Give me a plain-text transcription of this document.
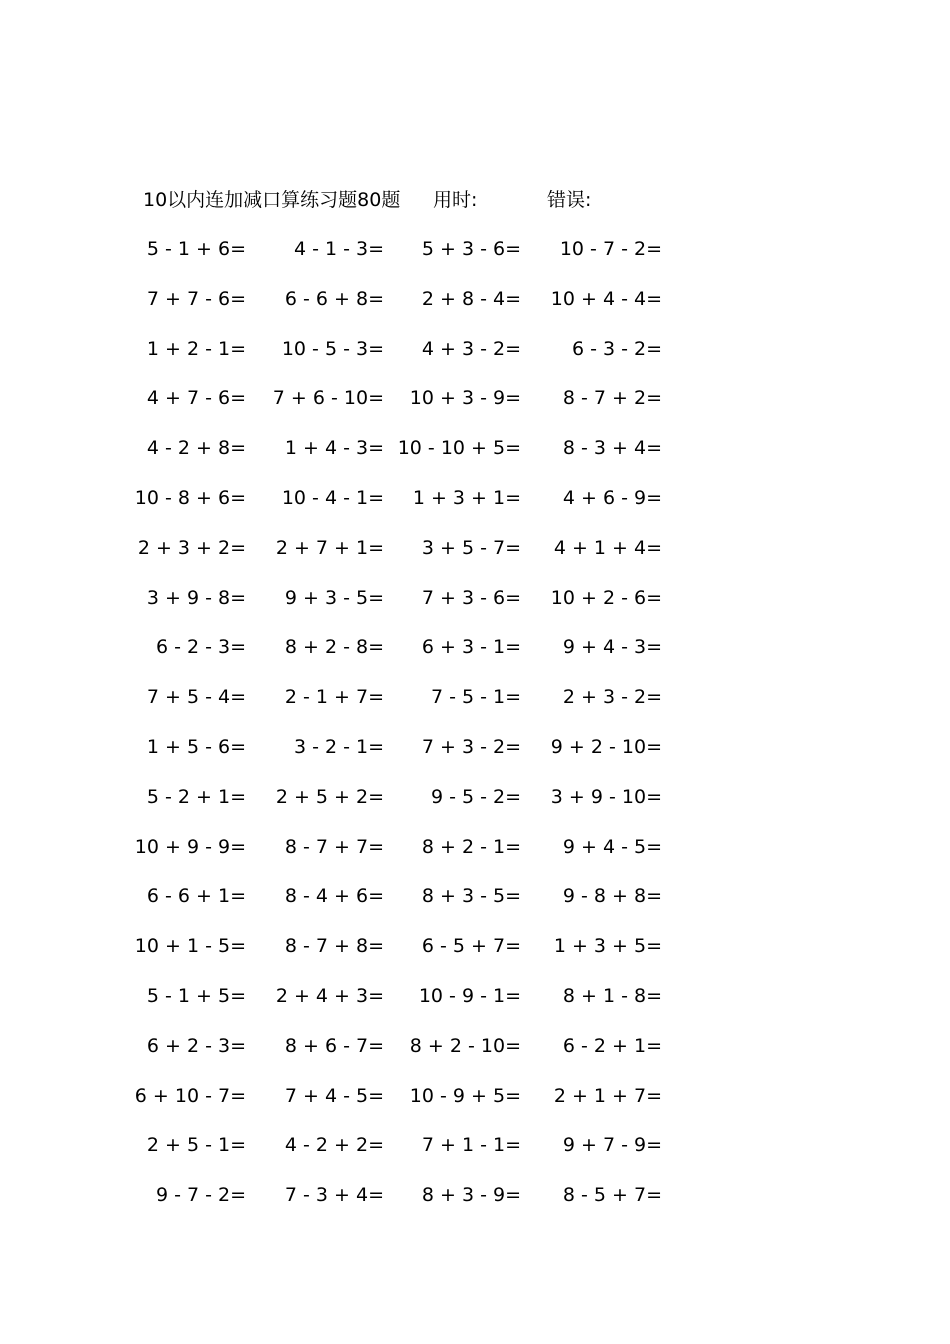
10以内连加减口算练习题80题 用时:	错误:
5 - 1 + 6=	4 - 1 - 3= 5 + 3 - 6= 10 - 7 - 2=
7 + 7 - 6= 6 - 6 + 8= 2 + 8 - 4= 10 + 4 - 4=
1 + 2 - 1= 10 - 5 - 3= 4 + 3 - 2=	6 - 3 - 2=
4 + 7 - 6= 7 + 6 - 10= 10 + 3 - 9= 8 - 7 + 2=
4 - 2 + 8= 1 + 4 - 3= 10 - 10 + 5= 8 - 3 + 4=
10 - 8 + 6= 10 - 4 - 1= 1 + 3 + 1= 4 + 6 - 9=
2 + 3 + 2= 2 + 7 + 1= 3 + 5 - 7= 4 + 1 + 4=
3 + 9 - 8= 9 + 3 - 5= 7 + 3 - 6= 10 + 2 - 6=
6 - 2 - 3= 8 + 2 - 8= 6 + 3 - 1= 9 + 4 - 3=
7 + 5 - 4= 2 - 1 + 7= 7 - 5 - 1= 2 + 3 - 2=
1 + 5 - 6=	3 - 2 - 1= 7 + 3 - 2= 9 + 2 - 10=
5 - 2 + 1= 2 + 5 + 2= 9 - 5 - 2= 3 + 9 - 10=
10 + 9 - 9= 8 - 7 + 7= 8 + 2 - 1= 9 + 4 - 5=
6 - 6 + 1= 8 - 4 + 6= 8 + 3 - 5= 9 - 8 + 8=
10 + 1 - 5= 8 - 7 + 8= 6 - 5 + 7= 1 + 3 + 5=
5 - 1 + 5= 2 + 4 + 3= 10 - 9 - 1= 8 + 1 - 8=
6 + 2 - 3= 8 + 6 - 7= 8 + 2 - 10= 6 - 2 + 1=
6 + 10 - 7= 7 + 4 - 5= 10 - 9 + 5= 2 + 1 + 7=
2 + 5 - 1= 4 - 2 + 2= 7 + 1 - 1= 9 + 7 - 9=
9 - 7 - 2= 7 - 3 + 4= 8 + 3 - 9= 8 - 5 + 7=
